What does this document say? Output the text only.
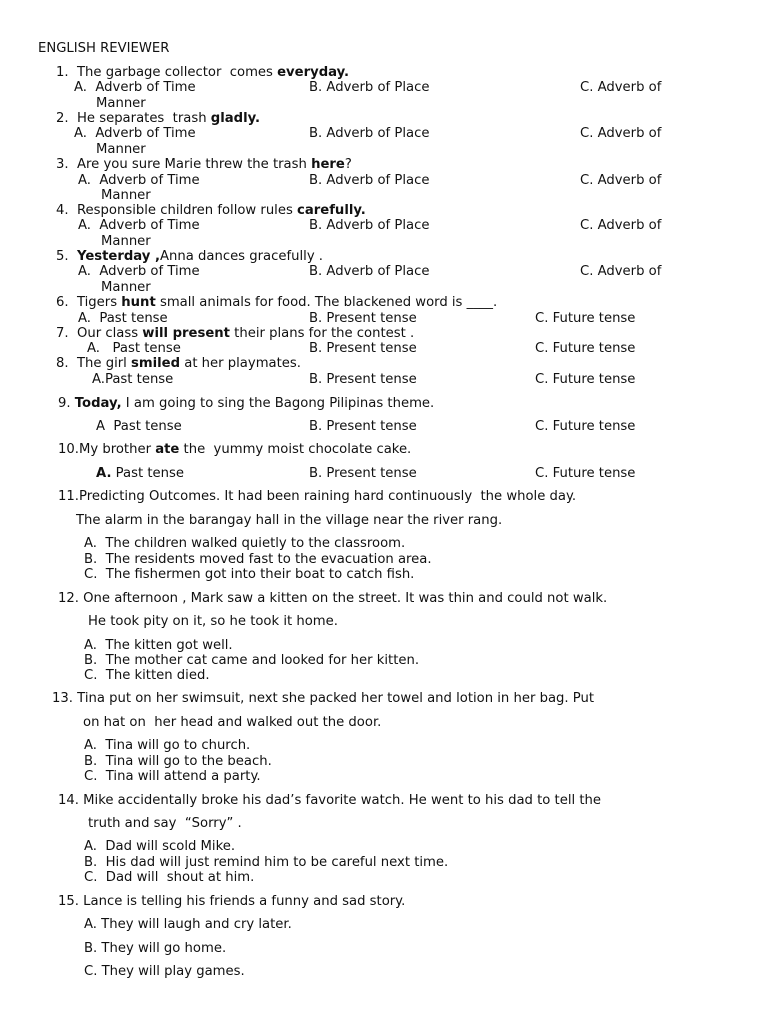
ENGLISH REVIEWER
1. The garbage collector  comes everyday.
A.  Adverb of Time	B. Adverb of Place	C. Adverb of
Manner
2. He separates  trash gladly.
A.  Adverb of Time	B. Adverb of Place	C. Adverb of
Manner
3. Are you sure Marie threw the trash here?
A.  Adverb of Time	B. Adverb of Place	C. Adverb of
Manner
4. Responsible children follow rules carefully.
A.  Adverb of Time	B. Adverb of Place	C. Adverb of
Manner
5. Yesterday ,Anna dances gracefully .
A.  Adverb of Time	B. Adverb of Place	C. Adverb of
Manner
6. Tigers hunt small animals for food. The blackened word is ____.
A.  Past tense	B. Present tense	C. Future tense
7. Our class will present their plans for the contest .
A.   Past tense	B. Present tense	C. Future tense
8. The girl smiled at her playmates.
A.Past tense	B. Present tense	C. Future tense
9. Today, I am going to sing the Bagong Pilipinas theme.
A  Past tense	B. Present tense	C. Future tense
10.My brother ate the  yummy moist chocolate cake.
A. Past tense	B. Present tense	C. Future tense
11.Predicting Outcomes. It had been raining hard continuously  the whole day.
The alarm in the barangay hall in the village near the river rang.
A.  The children walked quietly to the classroom.
B.  The residents moved fast to the evacuation area.
C.  The fishermen got into their boat to catch fish.
12. One afternoon , Mark saw a kitten on the street. It was thin and could not walk.
He took pity on it, so he took it home.
A.  The kitten got well.
B.  The mother cat came and looked for her kitten.
C.  The kitten died.
13. Tina put on her swimsuit, next she packed her towel and lotion in her bag. Put
on hat on  her head and walked out the door.
A.  Tina will go to church.
B.  Tina will go to the beach.
C.  Tina will attend a party.
14. Mike accidentally broke his dad’s favorite watch. He went to his dad to tell the
truth and say  “Sorry” .
A.  Dad will scold Mike.
B.  His dad will just remind him to be careful next time.
C.  Dad will  shout at him.
15. Lance is telling his friends a funny and sad story.
A. They will laugh and cry later.
B. They will go home.
C. They will play games.
